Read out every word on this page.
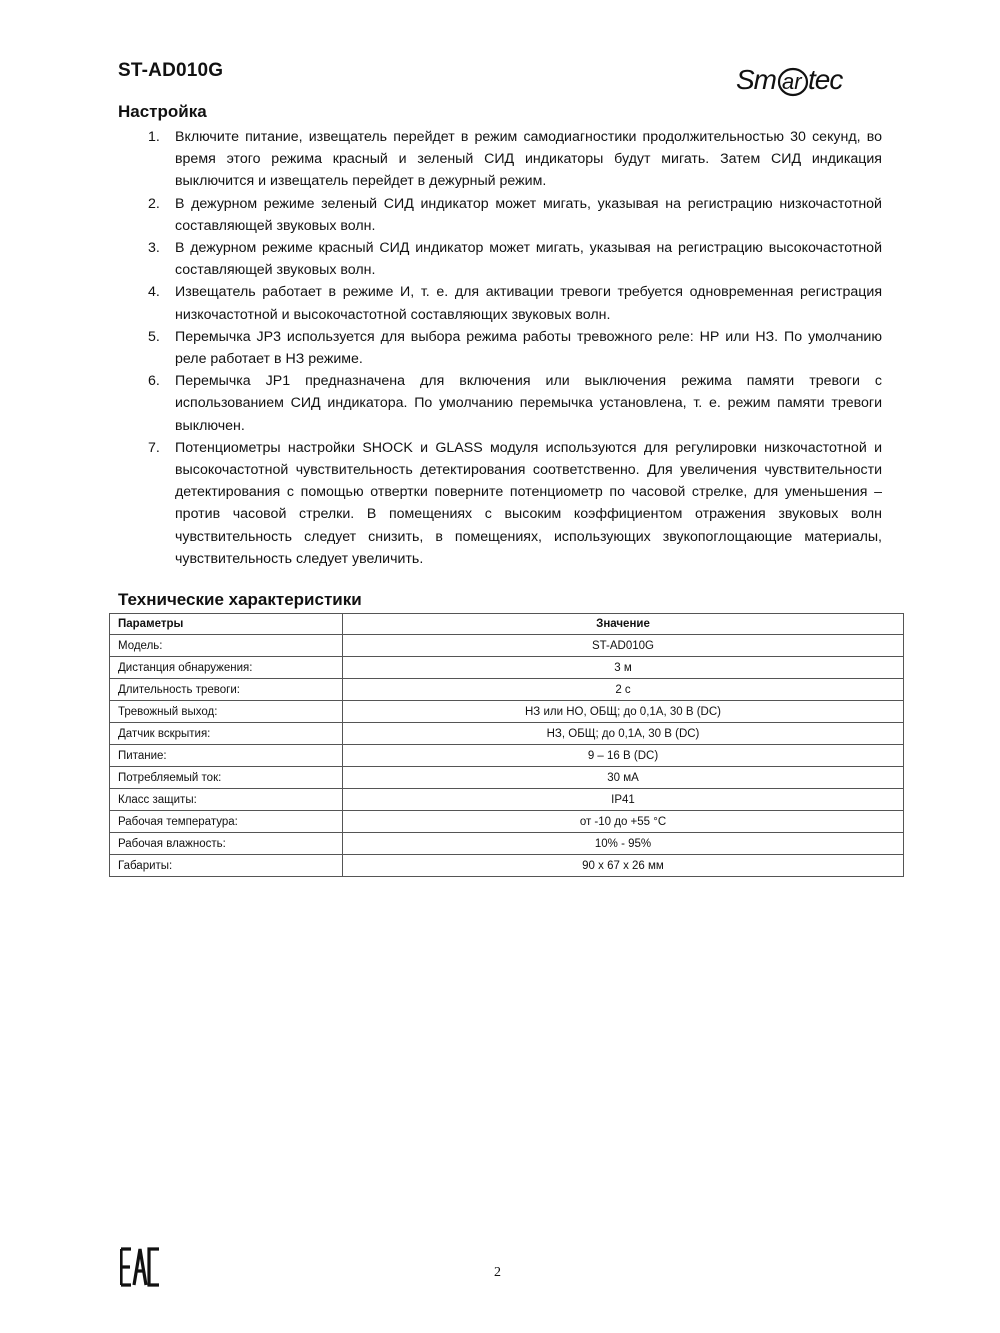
ST-AD010G	Sm ar tec
Настройка
1. Включите питание, извещатель перейдет в режим самодиагностики продолжительностью 30 секунд, во время этого режима красный и зеленый СИД индикаторы будут мигать. Затем СИД индикация выключится и извещатель перейдет в дежурный режим.
2. В дежурном режиме зеленый СИД индикатор может мигать, указывая на регистрацию низкочастотной составляющей звуковых волн.
3. В дежурном режиме красный СИД индикатор может мигать, указывая на регистрацию высокочастотной составляющей звуковых волн.
4. Извещатель работает в режиме И, т. е. для активации тревоги требуется одновременная регистрация низкочастотной и высокочастотной составляющих звуковых волн.
5. Перемычка JP3 используется для выбора режима работы тревожного реле: НР или НЗ. По умолчанию реле работает в НЗ режиме.
6. Перемычка JP1 предназначена для включения или выключения режима памяти тревоги с использованием СИД индикатора. По умолчанию перемычка установлена, т. е. режим памяти тревоги выключен.
7. Потенциометры настройки SHOCK и GLASS модуля используются для регулировки низкочастотной и высокочастотной чувствительность детектирования соответственно. Для увеличения чувствительности детектирования с помощью отвертки поверните потенциометр по часовой стрелке, для уменьшения – против часовой стрелки. В помещениях с высоким коэффициентом отражения звуковых волн чувствительность следует снизить, в помещениях, использующих звукопоглощающие материалы, чувствительность следует увеличить.
Технические характеристики
Параметры	Значение
Модель:	ST-AD010G
Дистанция обнаружения:	3 м
Длительность тревоги:	2 с
Тревожный выход:	НЗ или НО, ОБЩ; до 0,1А, 30 В (DC)
Датчик вскрытия:	НЗ, ОБЩ; до 0,1А, 30 В (DC)
Питание:	9 – 16 В (DC)
Потребляемый ток:	30 мА
Класс защиты:	IP41
Рабочая температура:	от -10 до +55 °C
Рабочая влажность:	10% - 95%
Габариты:	90 х 67 х 26 мм
2
